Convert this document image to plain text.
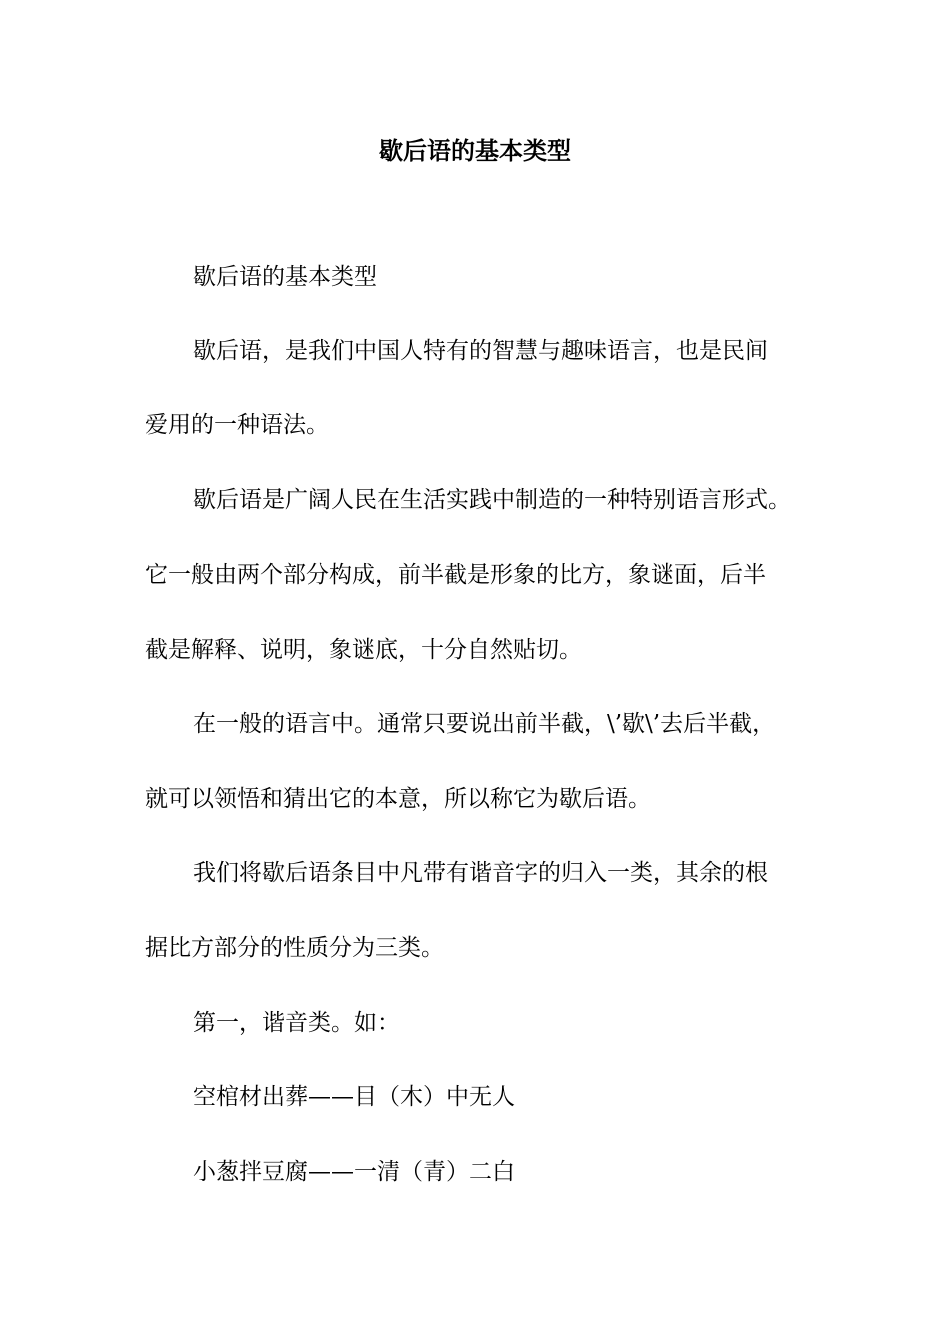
歇后语的基本类型
歇后语的基本类型
歇后语，是我们中国人特有的智慧与趣味语言，也是民间
爱用的一种语法。
歇后语是广阔人民在生活实践中制造的一种特别语言形式。
它一般由两个部分构成，前半截是形象的比方，象谜面，后半
截是解释、说明，象谜底，十分自然贴切。
在一般的语言中。通常只要说出前半截，\’歇\’去后半截，
就可以领悟和猜出它的本意，所以称它为歇后语。
我们将歇后语条目中凡带有谐音字的归入一类，其余的根
据比方部分的性质分为三类。
第一，谐音类。如：
空棺材出葬——目（木）中无人
小葱拌豆腐——一清（青）二白
